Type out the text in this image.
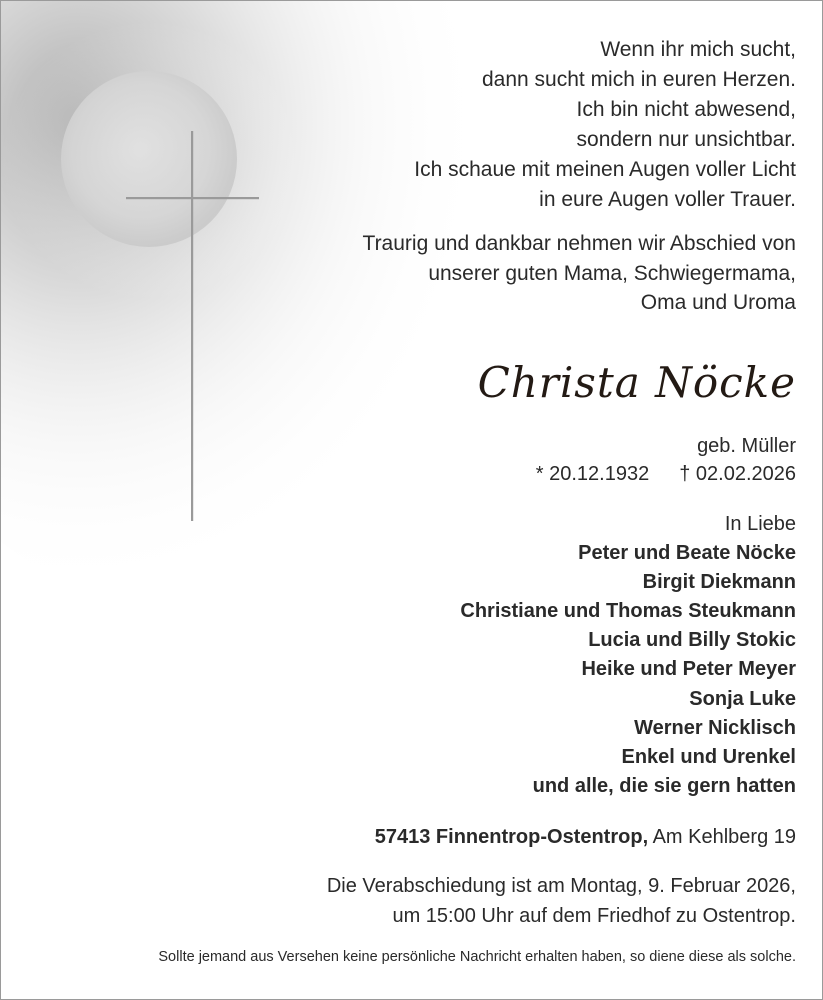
Wenn ihr mich sucht,
dann sucht mich in euren Herzen.
Ich bin nicht abwesend,
sondern nur unsichtbar.
Ich schaue mit meinen Augen voller Licht
in eure Augen voller Trauer.
Traurig und dankbar nehmen wir Abschied von
unserer guten Mama, Schwiegermama,
Oma und Uroma
Christa Nöcke
geb. Müller
* 20.12.1932 † 02.02.2026
In Liebe
Peter und Beate Nöcke
Birgit Diekmann
Christiane und Thomas Steukmann
Lucia und Billy Stokic
Heike und Peter Meyer
Sonja Luke
Werner Nicklisch
Enkel und Urenkel
und alle, die sie gern hatten
57413 Finnentrop-Ostentrop, Am Kehlberg 19
Die Verabschiedung ist am Montag, 9. Februar 2026,
um 15:00 Uhr auf dem Friedhof zu Ostentrop.
Sollte jemand aus Versehen keine persönliche Nachricht erhalten haben, so diene diese als solche.
